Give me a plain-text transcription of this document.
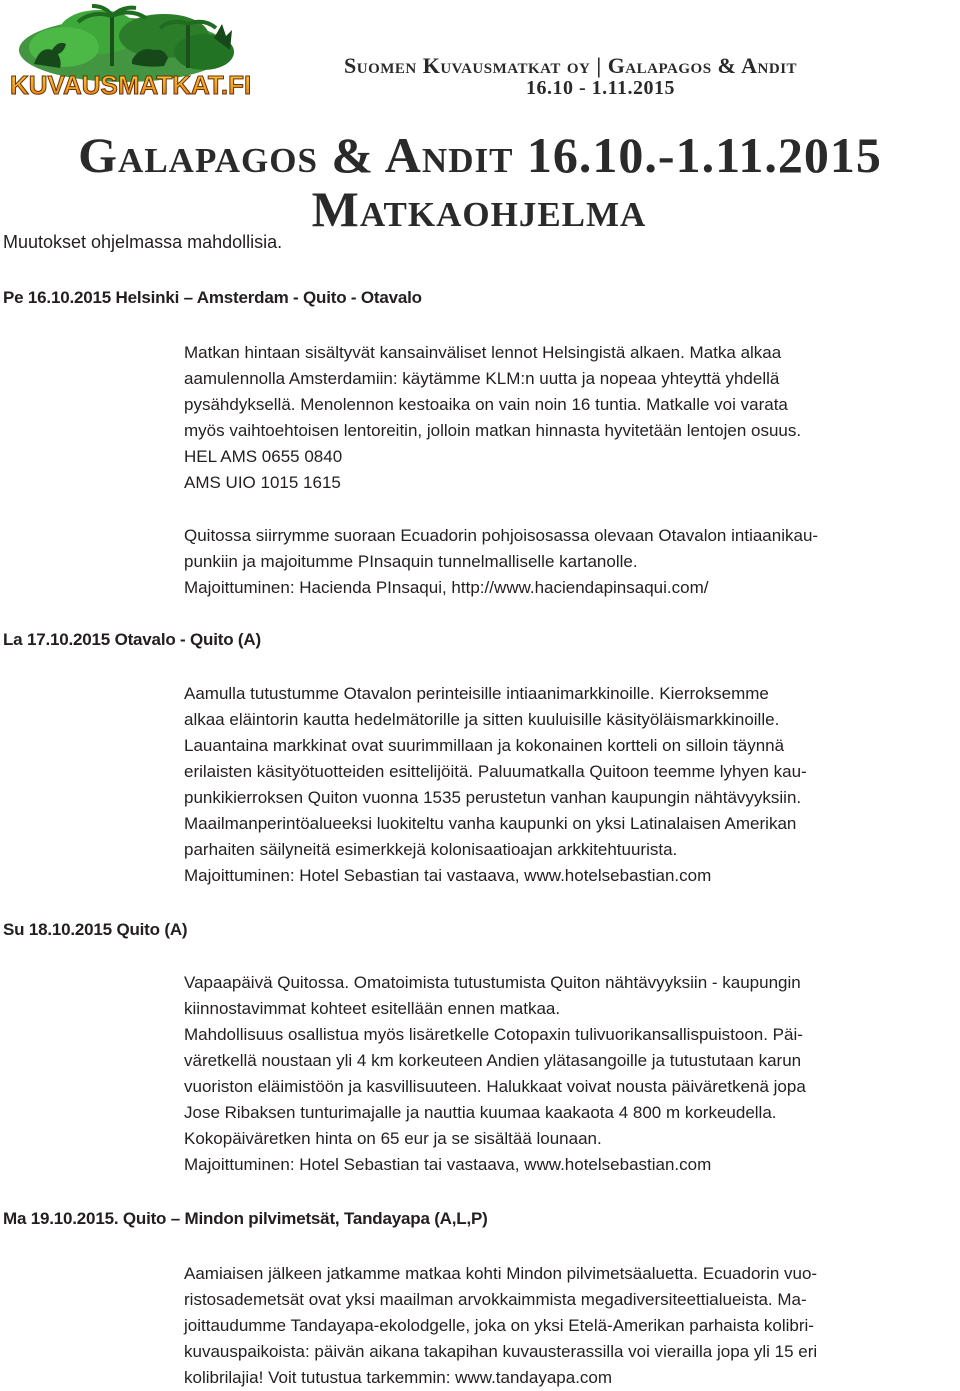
KUVAUSMATKAT.FI
Suomen Kuvausmatkat oy | Galapagos & Andit
16.10 - 1.11.2015
Galapagos & Andit 16.10.-1.11.2015
Matkaohjelma
Muutokset ohjelmassa mahdollisia.
Pe 16.10.2015 Helsinki – Amsterdam - Quito - Otavalo
Matkan hintaan sisältyvät kansainväliset lennot Helsingistä alkaen. Matka alkaa
aamulennolla Amsterdamiin: käytämme KLM:n uutta ja nopeaa yhteyttä yhdellä
pysähdyksellä. Menolennon kestoaika on vain noin 16 tuntia. Matkalle voi varata
myös vaihtoehtoisen lentoreitin, jolloin matkan hinnasta hyvitetään lentojen osuus.
HEL AMS 0655 0840
AMS UIO 1015 1615
Quitossa siirrymme suoraan Ecuadorin pohjoisosassa olevaan Otavalon intiaanikau-
punkiin ja majoitumme PInsaquin tunnelmalliselle kartanolle.
Majoittuminen: Hacienda PInsaqui, http://www.haciendapinsaqui.com/
La 17.10.2015 Otavalo - Quito (A)
Aamulla tutustumme Otavalon perinteisille intiaanimarkkinoille. Kierroksemme
alkaa eläintorin kautta hedelmätorille ja sitten kuuluisille käsityöläismarkkinoille.
Lauantaina markkinat ovat suurimmillaan ja kokonainen kortteli on silloin täynnä
erilaisten käsityötuotteiden esittelijöitä. Paluumatkalla Quitoon teemme lyhyen kau-
punkikierroksen Quiton vuonna 1535 perustetun vanhan kaupungin nähtävyyksiin.
Maailmanperintöalueeksi luokiteltu vanha kaupunki on yksi Latinalaisen Amerikan
parhaiten säilyneitä esimerkkejä kolonisaatioajan arkkitehtuurista.
Majoittuminen: Hotel Sebastian tai vastaava, www.hotelsebastian.com
Su 18.10.2015 Quito (A)
Vapaapäivä Quitossa. Omatoimista tutustumista Quiton nähtävyyksiin - kaupungin
kiinnostavimmat kohteet esitellään ennen matkaa.
Mahdollisuus osallistua myös lisäretkelle Cotopaxin tulivuorikansallispuistoon. Päi-
väretkellä noustaan yli 4 km korkeuteen Andien ylätasangoille ja tutustutaan karun
vuoriston eläimistöön ja kasvillisuuteen. Halukkaat voivat nousta päiväretkenä jopa
Jose Ribaksen tunturimajalle ja nauttia kuumaa kaakaota 4 800 m korkeudella.
Kokopäiväretken hinta on 65 eur ja se sisältää lounaan.
Majoittuminen: Hotel Sebastian tai vastaava, www.hotelsebastian.com
Ma 19.10.2015. Quito – Mindon pilvimetsät, Tandayapa (A,L,P)
Aamiaisen jälkeen jatkamme matkaa kohti Mindon pilvimetsäaluetta. Ecuadorin vuo-
ristosademetsät ovat yksi maailman arvokkaimmista megadiversiteettialueista. Ma-
joittaudumme Tandayapa-ekolodgelle, joka on yksi Etelä-Amerikan parhaista kolibri-
kuvauspaikoista: päivän aikana takapihan kuvausterassilla voi vierailla jopa yli 15 eri
kolibrilajia! Voit tutustua tarkemmin: www.tandayapa.com
